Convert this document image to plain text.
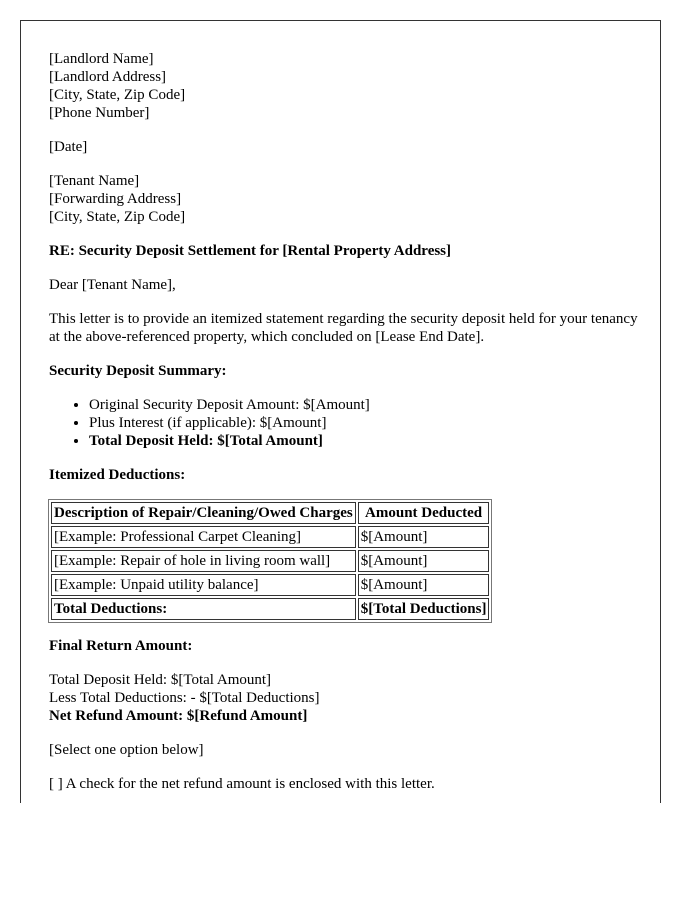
[Landlord Name]
[Landlord Address]
[City, State, Zip Code]
[Phone Number]

[Date]

[Tenant Name]
[Forwarding Address]
[City, State, Zip Code]

RE: Security Deposit Settlement for [Rental Property Address]

Dear [Tenant Name],

This letter is to provide an itemized statement regarding the security deposit held for your tenancy at the above-referenced property, which concluded on [Lease End Date].

Security Deposit Summary:

• Original Security Deposit Amount: $[Amount]
• Plus Interest (if applicable): $[Amount]
• Total Deposit Held: $[Total Amount]

Itemized Deductions:

Description of Repair/Cleaning/Owed Charges	Amount Deducted
[Example: Professional Carpet Cleaning]	$[Amount]
[Example: Repair of hole in living room wall]	$[Amount]
[Example: Unpaid utility balance]	$[Amount]
Total Deductions:	$[Total Deductions]

Final Return Amount:

Total Deposit Held: $[Total Amount]
Less Total Deductions: - $[Total Deductions]
Net Refund Amount: $[Refund Amount]

[Select one option below]

[ ] A check for the net refund amount is enclosed with this letter.
